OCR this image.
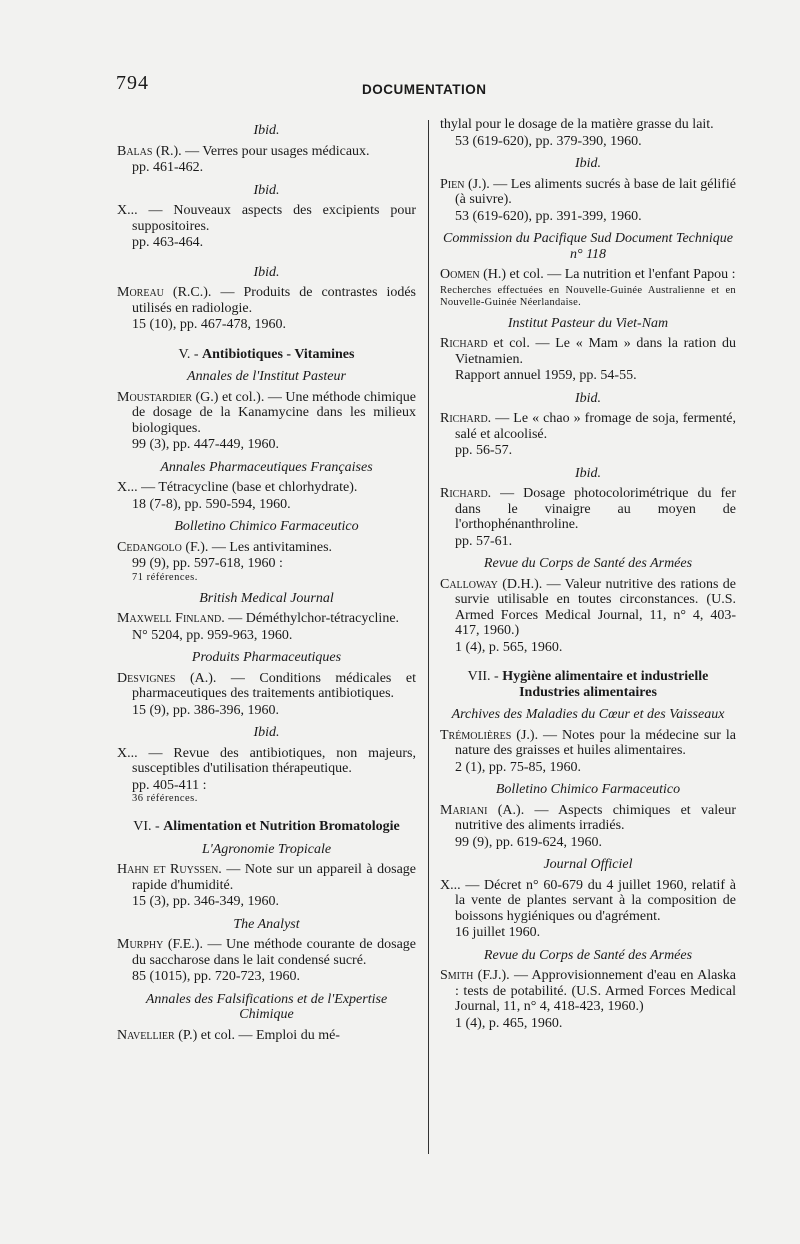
794	DOCUMENTATION
Ibid.
Balas (R.). — Verres pour usages médicaux.
pp. 461-462.
Ibid.
X... — Nouveaux aspects des excipients pour suppositoires.
pp. 463-464.
Ibid.
Moreau (R.C.). — Produits de contrastes iodés utilisés en radiologie.
15 (10), pp. 467-478, 1960.
V. - Antibiotiques - Vitamines
Annales de l'Institut Pasteur
Moustardier (G.) et col.). — Une méthode chimique de dosage de la Kanamycine dans les milieux biologiques.
99 (3), pp. 447-449, 1960.
Annales Pharmaceutiques Françaises
X... — Tétracycline (base et chlorhydrate).
18 (7-8), pp. 590-594, 1960.
Bolletino Chimico Farmaceutico
Cedangolo (F.). — Les antivitamines.
99 (9), pp. 597-618, 1960 :
71 références.
British Medical Journal
Maxwell Finland. — Déméthylchor-tétracycline.
N° 5204, pp. 959-963, 1960.
Produits Pharmaceutiques
Desvignes (A.). — Conditions médicales et pharmaceutiques des traitements antibiotiques.
15 (9), pp. 386-396, 1960.
Ibid.
X... — Revue des antibiotiques, non majeurs, susceptibles d'utilisation thérapeutique.
pp. 405-411 :
36 références.
VI. - Alimentation et Nutrition Bromatologie
L'Agronomie Tropicale
Hahn et Ruyssen. — Note sur un appareil à dosage rapide d'humidité.
15 (3), pp. 346-349, 1960.
The Analyst
Murphy (F.E.). — Une méthode courante de dosage du saccharose dans le lait condensé sucré.
85 (1015), pp. 720-723, 1960.
Annales des Falsifications et de l'Expertise Chimique
Navellier (P.) et col. — Emploi du mé-
thylal pour le dosage de la matière grasse du lait.
53 (619-620), pp. 379-390, 1960.
Ibid.
Pien (J.). — Les aliments sucrés à base de lait gélifié (à suivre).
53 (619-620), pp. 391-399, 1960.
Commission du Pacifique Sud Document Technique n° 118
Oomen (H.) et col. — La nutrition et l'enfant Papou :
Recherches effectuées en Nouvelle-Guinée Australienne et en Nouvelle-Guinée Néerlandaise.
Institut Pasteur du Viet-Nam
Richard et col. — Le « Mam » dans la ration du Vietnamien.
Rapport annuel 1959, pp. 54-55.
Ibid.
Richard. — Le « chao » fromage de soja, fermenté, salé et alcoolisé.
pp. 56-57.
Ibid.
Richard. — Dosage photocolorimétrique du fer dans le vinaigre au moyen de l'orthophénanthroline.
pp. 57-61.
Revue du Corps de Santé des Armées
Calloway (D.H.). — Valeur nutritive des rations de survie utilisable en toutes circonstances. (U.S. Armed Forces Medical Journal, 11, n° 4, 403-417, 1960.)
1 (4), p. 565, 1960.
VII. - Hygiène alimentaire et industrielle Industries alimentaires
Archives des Maladies du Cœur et des Vaisseaux
Trémolières (J.). — Notes pour la médecine sur la nature des graisses et huiles alimentaires.
2 (1), pp. 75-85, 1960.
Bolletino Chimico Farmaceutico
Mariani (A.). — Aspects chimiques et valeur nutritive des aliments irradiés.
99 (9), pp. 619-624, 1960.
Journal Officiel
X... — Décret n° 60-679 du 4 juillet 1960, relatif à la vente de plantes servant à la composition de boissons hygiéniques ou d'agrément.
16 juillet 1960.
Revue du Corps de Santé des Armées
Smith (F.J.). — Approvisionnement d'eau en Alaska : tests de potabilité. (U.S. Armed Forces Medical Journal, 11, n° 4, 418-423, 1960.)
1 (4), p. 465, 1960.
